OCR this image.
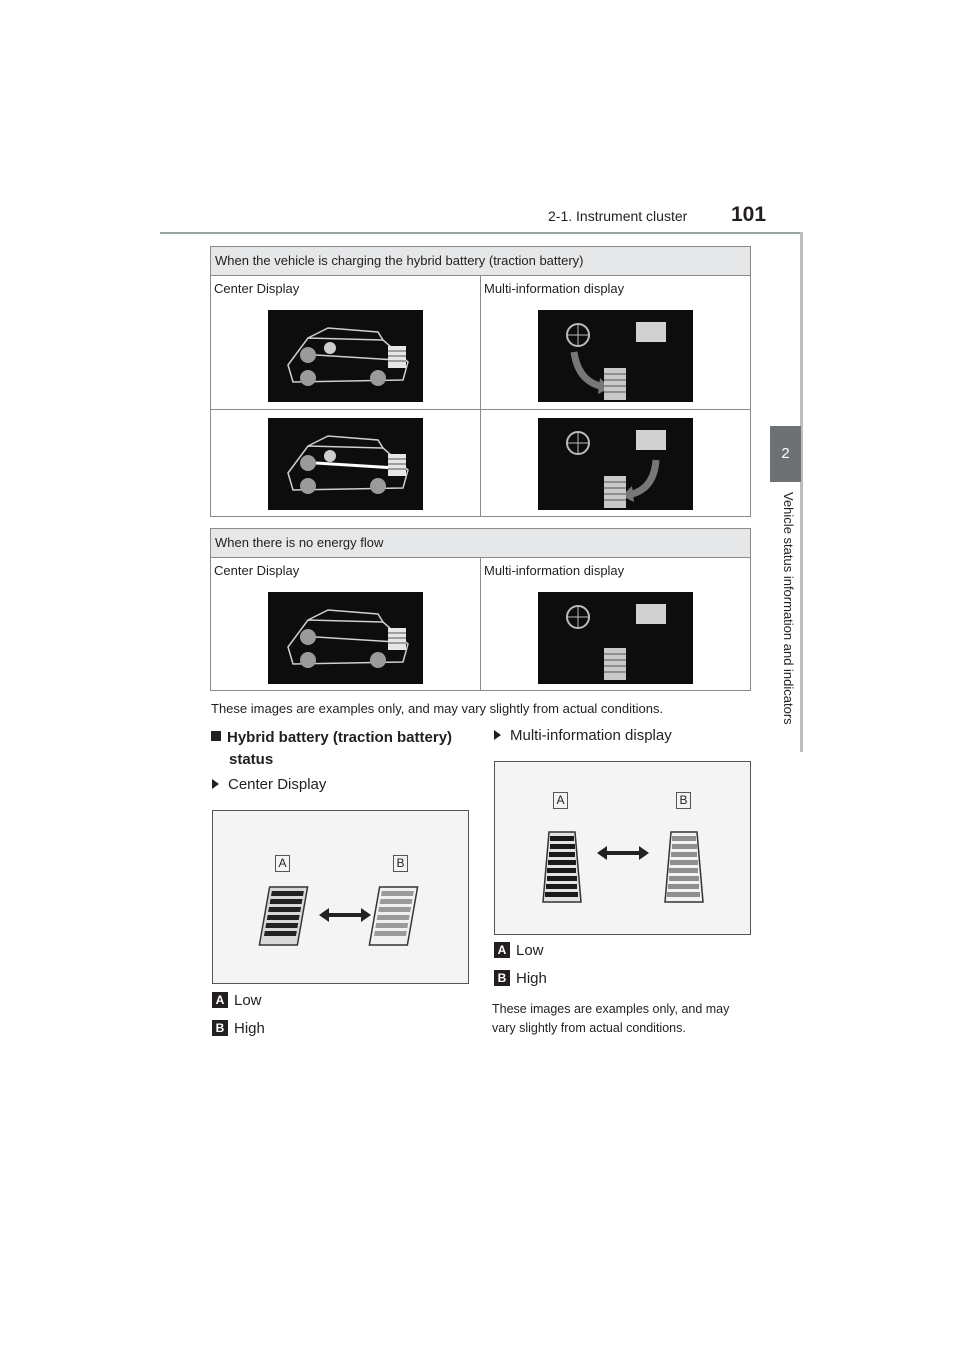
2-1. Instrument cluster 101
2
Vehicle status information and indicators
When the vehicle is charging the hybrid battery (traction battery)	

Center Display	Multi-information display

When there is no energy flow

Center Display	Multi-information display
These images are examples only, and may vary slightly from actual conditions.
Hybrid battery (traction battery)
status
Center Display
Multi-information display
A	B
A Low
B High
A	B
A Low
B High
These images are examples only, and may vary slightly from actual conditions.
